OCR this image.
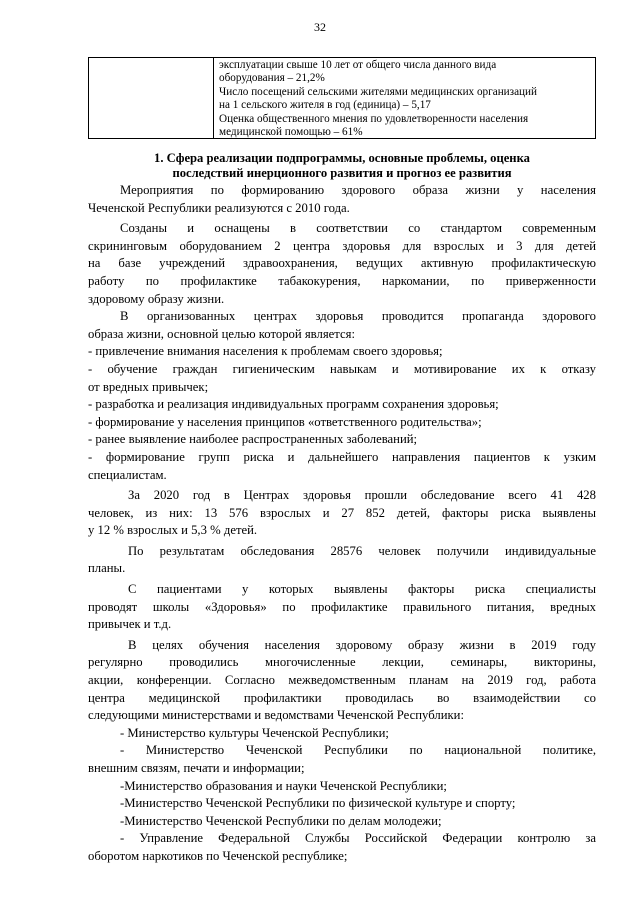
32
эксплуатации свыше 10 лет от общего числа данного вида
оборудования – 21,2%
Число посещений сельскими жителями медицинских организаций
на 1 сельского жителя в год (единица) – 5,17
Оценка общественного мнения по удовлетворенности населения
медицинской помощью – 61%
1. Сфера реализации подпрограммы, основные проблемы, оценка
последствий инерционного развития и прогноз ее развития
Мероприятия по формированию здорового образа жизни у населения
Чеченской Республики реализуются с 2010 года.
Созданы и оснащены в соответствии со стандартом современным
скрининговым оборудованием 2 центра здоровья для взрослых и 3 для детей
на базе учреждений здравоохранения, ведущих активную профилактическую
работу по профилактике табакокурения, наркомании, по приверженности
здоровому образу жизни.
В организованных центрах здоровья проводится пропаганда здорового
образа жизни, основной целью которой является:
- привлечение внимания населения к проблемам своего здоровья;
- обучение граждан гигиеническим навыкам и мотивирование их к отказу
от вредных привычек;
- разработка и реализация индивидуальных программ сохранения здоровья;
- формирование у населения принципов «ответственного родительства»;
- ранее выявление наиболее распространенных заболеваний;
- формирование групп риска и дальнейшего направления пациентов к узким
специалистам.
За 2020 год в Центрах здоровья прошли обследование всего 41 428
человек, из них: 13 576 взрослых и 27 852 детей, факторы риска выявлены
у 12 % взрослых и 5,3 % детей.
По результатам обследования 28576 человек получили индивидуальные
планы.
С пациентами у которых выявлены факторы риска специалисты
проводят школы «Здоровья» по профилактике правильного питания, вредных
привычек и т.д.
В целях обучения населения здоровому образу жизни в 2019 году
регулярно проводились многочисленные лекции, семинары, викторины,
акции, конференции. Согласно межведомственным планам на 2019 год, работа
центра медицинской профилактики проводилась во взаимодействии со
следующими министерствами и ведомствами Чеченской Республики:
- Министерство культуры Чеченской Республики;
- Министерство Чеченской Республики по национальной политике,
внешним связям, печати и информации;
-Министерство образования и науки Чеченской Республики;
-Министерство Чеченской Республики по физической культуре и спорту;
-Министерство Чеченской Республики по делам молодежи;
- Управление Федеральной Службы Российской Федерации контролю за
оборотом наркотиков по Чеченской республике;
